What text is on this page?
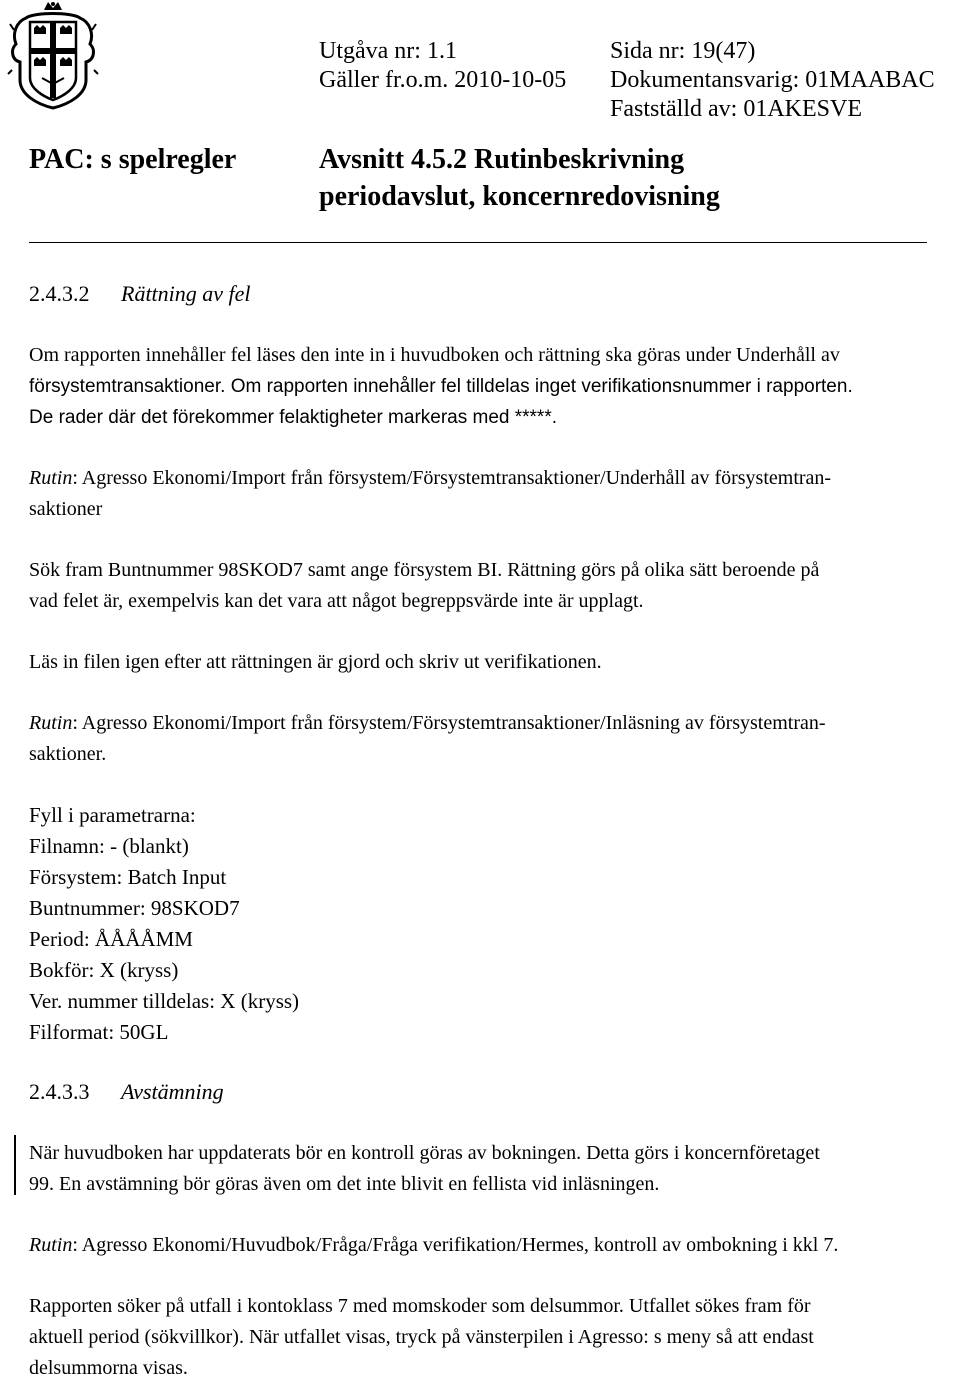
Utgåva nr: 1.1
Gäller fr.o.m. 2010-10-05
Sida nr: 19(47)
Dokumentansvarig: 01MAABAC
Fastställd av: 01AKESVE
PAC: s spelregler	Avsnitt 4.5.2 Rutinbeskrivning
periodavslut, koncernredovisning
2.4.3.2 Rättning av fel
Om rapporten innehåller fel läses den inte in i huvudboken och rättning ska göras under Underhåll av
försystemtransaktioner. Om rapporten innehåller fel tilldelas inget verifikationsnummer i rapporten.
De rader där det förekommer felaktigheter markeras med *****.
Rutin: Agresso Ekonomi/Import från försystem/Försystemtransaktioner/Underhåll av försystemtran-
saktioner
Sök fram Buntnummer 98SKOD7 samt ange försystem BI. Rättning görs på olika sätt beroende på
vad felet är, exempelvis kan det vara att något begreppsvärde inte är upplagt.
Läs in filen igen efter att rättningen är gjord och skriv ut verifikationen.
Rutin: Agresso Ekonomi/Import från försystem/Försystemtransaktioner/Inläsning av försystemtran-
saktioner.
Fyll i parametrarna:
Filnamn: - (blankt)
Försystem: Batch Input
Buntnummer: 98SKOD7
Period: ÅÅÅÅMM
Bokför: X (kryss)
Ver. nummer tilldelas: X (kryss)
Filformat: 50GL
2.4.3.3 Avstämning
När huvudboken har uppdaterats bör en kontroll göras av bokningen. Detta görs i koncernföretaget
99. En avstämning bör göras även om det inte blivit en fellista vid inläsningen.
Rutin: Agresso Ekonomi/Huvudbok/Fråga/Fråga verifikation/Hermes, kontroll av ombokning i kkl 7.
Rapporten söker på utfall i kontoklass 7 med momskoder som delsummor. Utfallet sökes fram för
aktuell period (sökvillkor). När utfallet visas, tryck på vänsterpilen i Agresso: s meny så att endast
delsummorna visas.
